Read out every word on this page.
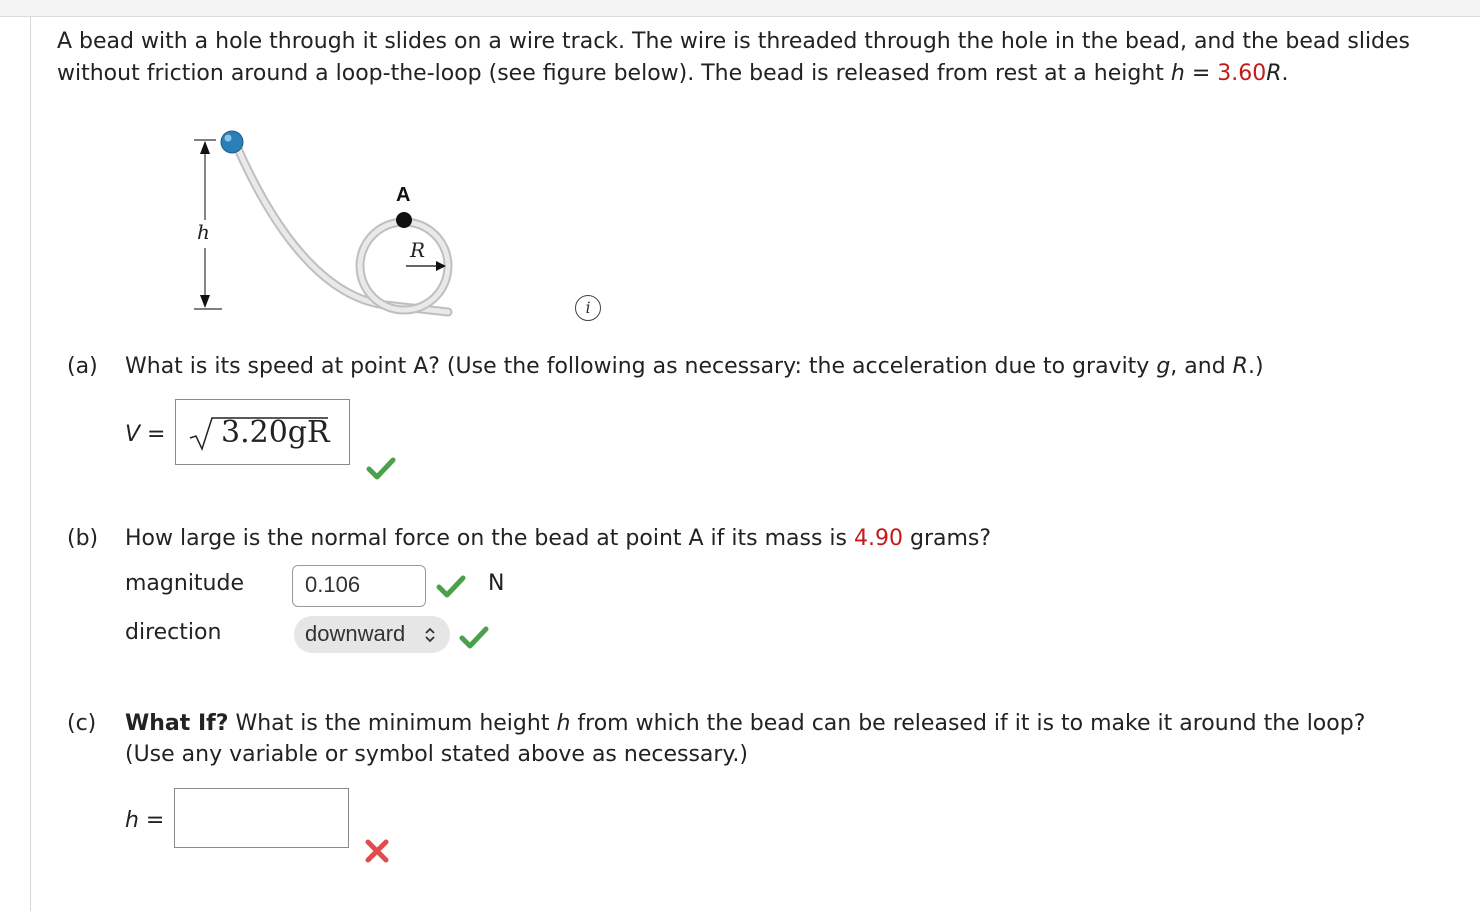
A bead with a hole through it slides on a wire track. The wire is threaded through the hole in the bead, and the bead slides
without friction around a loop-the-loop (see figure below). The bead is released from rest at a height h = 3.60R.
h
A
R
i
(a) What is its speed at point A? (Use the following as necessary: the acceleration due to gravity g, and R.)
V = 3.20gR
(b) How large is the normal force on the bead at point A if its mass is 4.90 grams?
magnitude	0.106	N
direction	downward
(c) What If? What is the minimum height h from which the bead can be released if it is to make it around the loop?
(Use any variable or symbol stated above as necessary.)
h =
